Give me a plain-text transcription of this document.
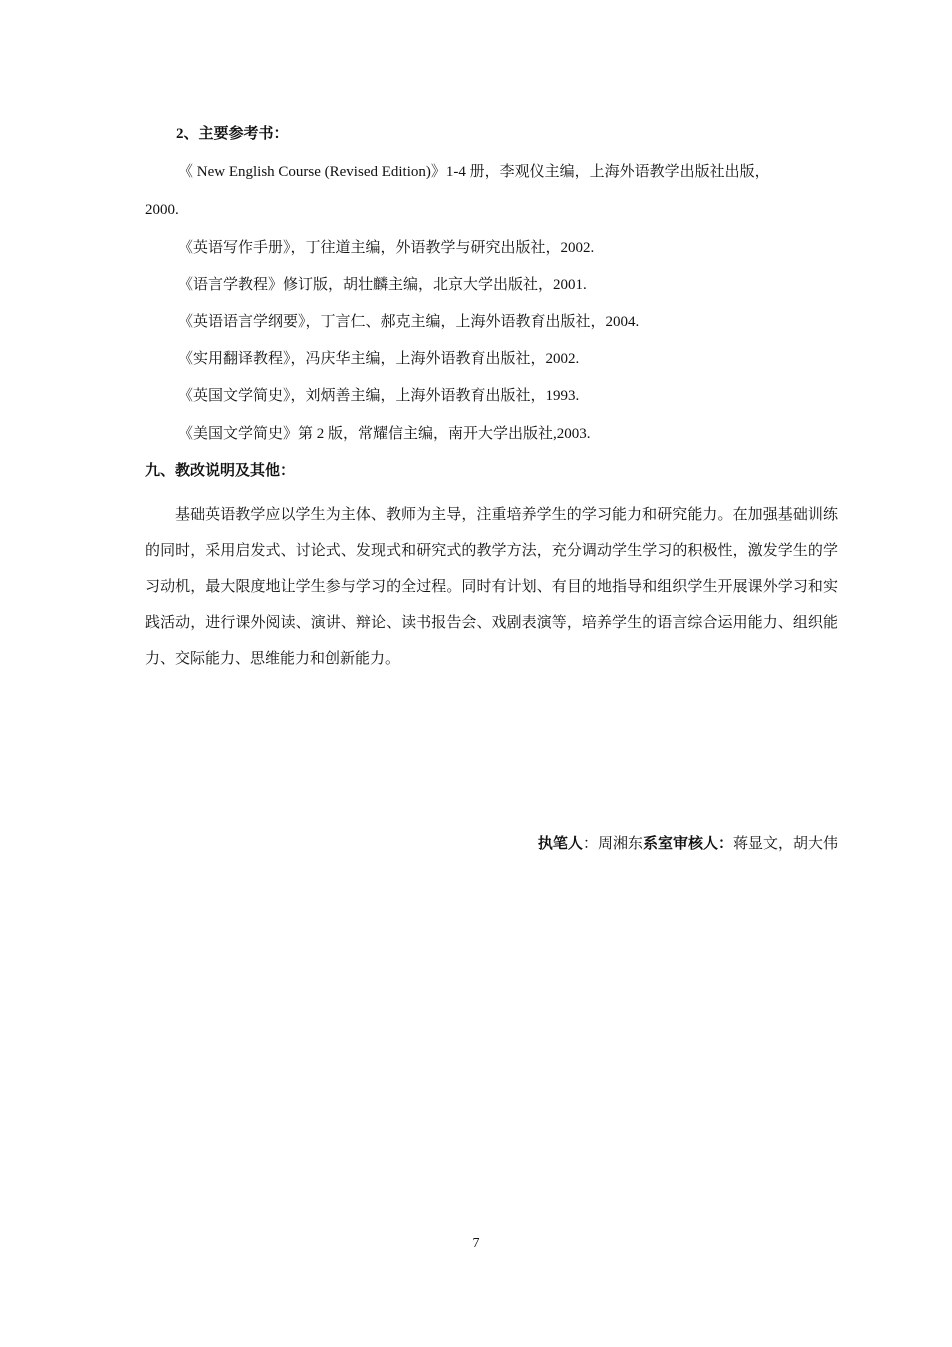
2、主要参考书：
《 New English Course (Revised Edition)》1-4 册，李观仪主编，上海外语教学出版社出版，
2000.
《英语写作手册》，丁往道主编，外语教学与研究出版社，2002.
《语言学教程》修订版，胡壮麟主编，北京大学出版社，2001.
《英语语言学纲要》，丁言仁、郝克主编，上海外语教育出版社，2004.
《实用翻译教程》，冯庆华主编，上海外语教育出版社，2002.
《英国文学简史》，刘炳善主编，上海外语教育出版社，1993.
《美国文学简史》第 2 版，常耀信主编，南开大学出版社,2003.
九、教改说明及其他：
基础英语教学应以学生为主体、教师为主导，注重培养学生的学习能力和研究能力。在加强基础训练的同时，采用启发式、讨论式、发现式和研究式的教学方法，充分调动学生学习的积极性，激发学生的学习动机，最大限度地让学生参与学习的全过程。同时有计划、有目的地指导和组织学生开展课外学习和实践活动，进行课外阅读、演讲、辩论、读书报告会、戏剧表演等，培养学生的语言综合运用能力、组织能力、交际能力、思维能力和创新能力。
执笔人：周湘东系室审核人：蒋显文，胡大伟
7
